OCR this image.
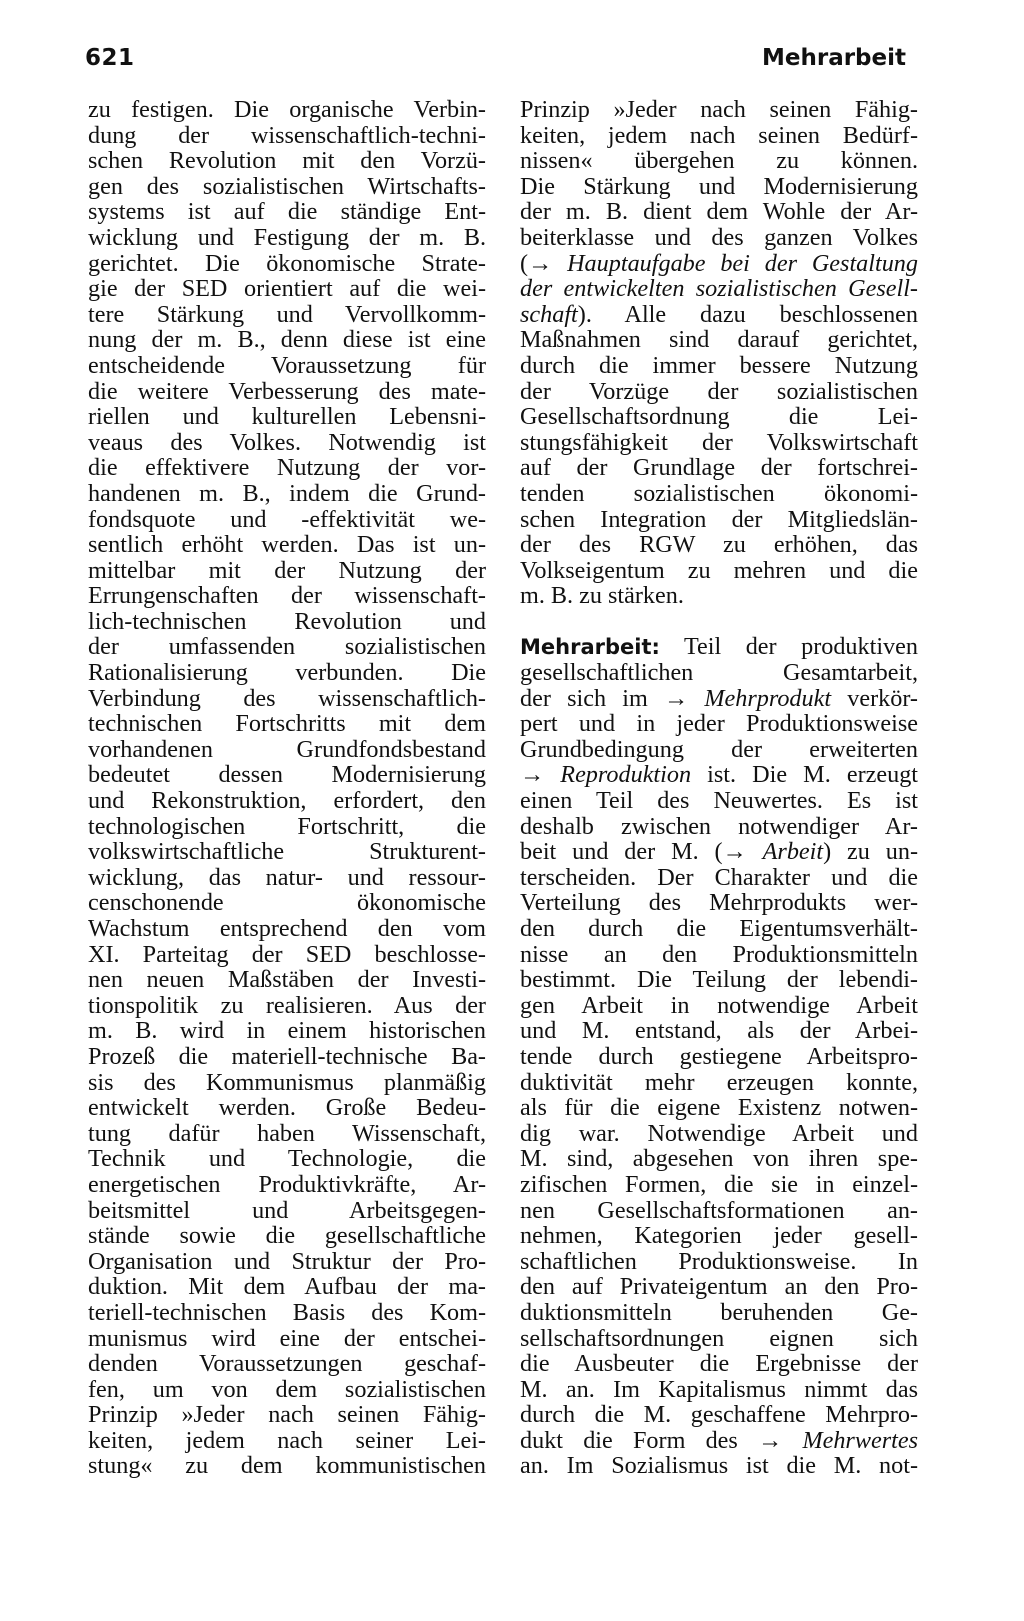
621	Mehrarbeit
zu festigen. Die organische Verbin-
dung der wissenschaftlich-techni-
schen Revolution mit den Vorzü-
gen des sozialistischen Wirtschafts-
systems ist auf die ständige Ent-
wicklung und Festigung der m. B.
gerichtet. Die ökonomische Strate-
gie der SED orientiert auf die wei-
tere Stärkung und Vervollkomm-
nung der m. B., denn diese ist eine
entscheidende Voraussetzung für
die weitere Verbesserung des mate-
riellen und kulturellen Lebensni-
veaus des Volkes. Notwendig ist
die effektivere Nutzung der vor-
handenen m. B., indem die Grund-
fondsquote und -effektivität we-
sentlich erhöht werden. Das ist un-
mittelbar mit der Nutzung der
Errungenschaften der wissenschaft-
lich-technischen Revolution und
der umfassenden sozialistischen
Rationalisierung verbunden. Die
Verbindung des wissenschaftlich-
technischen Fortschritts mit dem
vorhandenen Grundfondsbestand
bedeutet dessen Modernisierung
und Rekonstruktion, erfordert, den
technologischen Fortschritt, die
volkswirtschaftliche Strukturent-
wicklung, das natur- und ressour-
censchonende ökonomische
Wachstum entsprechend den vom
XI. Parteitag der SED beschlosse-
nen neuen Maßstäben der Investi-
tionspolitik zu realisieren. Aus der
m. B. wird in einem historischen
Prozeß die materiell-technische Ba-
sis des Kommunismus planmäßig
entwickelt werden. Große Bedeu-
tung dafür haben Wissenschaft,
Technik und Technologie, die
energetischen Produktivkräfte, Ar-
beitsmittel und Arbeitsgegen-
stände sowie die gesellschaftliche
Organisation und Struktur der Pro-
duktion. Mit dem Aufbau der ma-
teriell-technischen Basis des Kom-
munismus wird eine der entschei-
denden Voraussetzungen geschaf-
fen, um von dem sozialistischen
Prinzip »Jeder nach seinen Fähig-
keiten, jedem nach seiner Lei-
stung« zu dem kommunistischen
Prinzip »Jeder nach seinen Fähig-
keiten, jedem nach seinen Bedürf-
nissen« übergehen zu können.
Die Stärkung und Modernisierung
der m. B. dient dem Wohle der Ar-
beiterklasse und des ganzen Volkes
(→ Hauptaufgabe bei der Gestaltung
der entwickelten sozialistischen Gesell-
schaft). Alle dazu beschlossenen
Maßnahmen sind darauf gerichtet,
durch die immer bessere Nutzung
der Vorzüge der sozialistischen
Gesellschaftsordnung die Lei-
stungsfähigkeit der Volkswirtschaft
auf der Grundlage der fortschrei-
tenden sozialistischen ökonomi-
schen Integration der Mitgliedslän-
der des RGW zu erhöhen, das
Volkseigentum zu mehren und die
m. B. zu stärken.
Mehrarbeit: Teil der produktiven
gesellschaftlichen Gesamtarbeit,
der sich im → Mehrprodukt verkör-
pert und in jeder Produktionsweise
Grundbedingung der erweiterten
→ Reproduktion ist. Die M. erzeugt
einen Teil des Neuwertes. Es ist
deshalb zwischen notwendiger Ar-
beit und der M. (→ Arbeit) zu un-
terscheiden. Der Charakter und die
Verteilung des Mehrprodukts wer-
den durch die Eigentumsverhält-
nisse an den Produktionsmitteln
bestimmt. Die Teilung der lebendi-
gen Arbeit in notwendige Arbeit
und M. entstand, als der Arbei-
tende durch gestiegene Arbeitspro-
duktivität mehr erzeugen konnte,
als für die eigene Existenz notwen-
dig war. Notwendige Arbeit und
M. sind, abgesehen von ihren spe-
zifischen Formen, die sie in einzel-
nen Gesellschaftsformationen an-
nehmen, Kategorien jeder gesell-
schaftlichen Produktionsweise. In
den auf Privateigentum an den Pro-
duktionsmitteln beruhenden Ge-
sellschaftsordnungen eignen sich
die Ausbeuter die Ergebnisse der
M. an. Im Kapitalismus nimmt das
durch die M. geschaffene Mehrpro-
dukt die Form des → Mehrwertes
an. Im Sozialismus ist die M. not-
